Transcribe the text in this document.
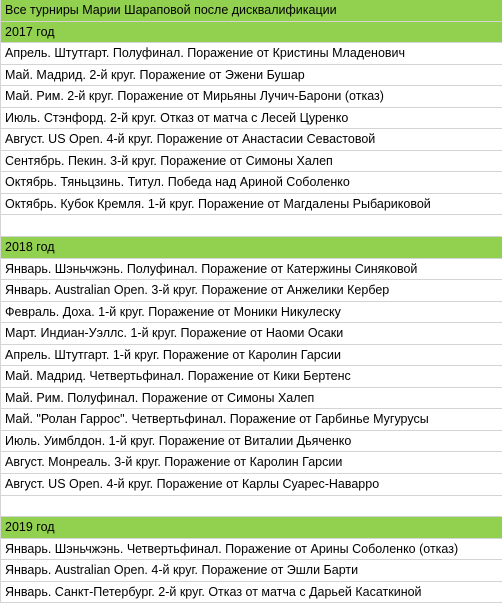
Все турниры Марии Шараповой после дисквалификации
2017 год
Апрель. Штутгарт. Полуфинал. Поражение от Кристины Младенович
Май. Мадрид. 2-й круг. Поражение от Эжени Бушар
Май. Рим. 2-й круг. Поражение от Мирьяны Лучич-Барони (отказ)
Июль. Стэнфорд. 2-й круг. Отказ от матча с Лесей Цуренко
Август. US Open. 4-й круг. Поражение от Анастасии Севастовой
Сентябрь. Пекин. 3-й круг. Поражение от Симоны Халеп
Октябрь. Тяньцзинь. Титул. Победа над Ариной Соболенко
Октябрь. Кубок Кремля. 1-й круг. Поражение от Магдалены Рыбариковой
2018 год
Январь. Шэньчжэнь. Полуфинал. Поражение от Катержины Синяковой
Январь. Australian Open. 3-й круг. Поражение от Анжелики Кербер
Февраль. Доха. 1-й круг. Поражение от Моники Никулеску
Март. Индиан-Уэллс. 1-й круг. Поражение от Наоми Осаки
Апрель. Штутгарт. 1-й круг. Поражение от Каролин Гарсии
Май. Мадрид. Четвертьфинал. Поражение от Кики Бертенс
Май. Рим. Полуфинал. Поражение от Симоны Халеп
Май. "Ролан Гаррос". Четвертьфинал. Поражение от Гарбинье Мугурусы
Июль. Уимблдон. 1-й круг. Поражение от Виталии Дьяченко
Август. Монреаль. 3-й круг. Поражение от Каролин Гарсии
Август. US Open. 4-й круг. Поражение от Карлы Суарес-Наварро
2019 год
Январь. Шэньчжэнь. Четвертьфинал. Поражение от Арины Соболенко (отказ)
Январь. Australian Open. 4-й круг. Поражение от Эшли Барти
Январь. Санкт-Петербург. 2-й круг. Отказ от матча с Дарьей Касаткиной
